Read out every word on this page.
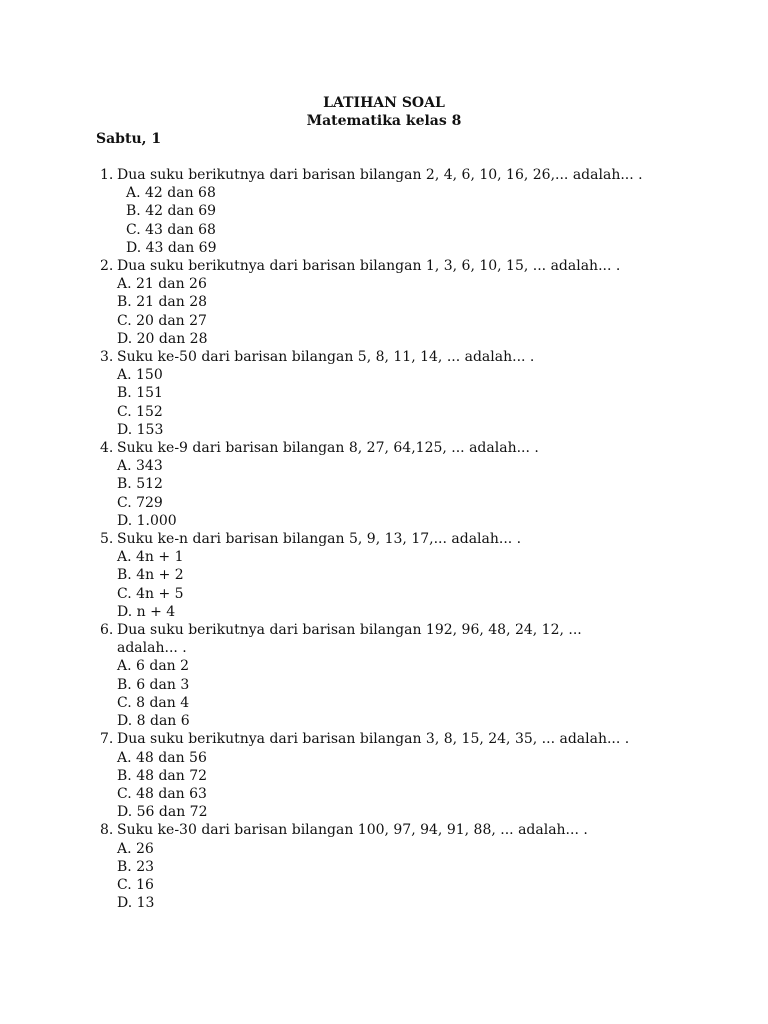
LATIHAN SOAL
Matematika kelas 8
Sabtu, 1
1. Dua suku berikutnya dari barisan bilangan 2, 4, 6, 10, 16, 26,... adalah... .
A. 42 dan 68
B. 42 dan 69
C. 43 dan 68
D. 43 dan 69
2. Dua suku berikutnya dari barisan bilangan 1, 3, 6, 10, 15, ... adalah... .
A. 21 dan 26
B. 21 dan 28
C. 20 dan 27
D. 20 dan 28
3. Suku ke-50 dari barisan bilangan 5, 8, 11, 14, ... adalah... .
A. 150
B. 151
C. 152
D. 153
4. Suku ke-9 dari barisan bilangan 8, 27, 64,125, ... adalah... .
A. 343
B. 512
C. 729
D. 1.000
5. Suku ke-n dari barisan bilangan 5, 9, 13, 17,... adalah... .
A. 4n + 1
B. 4n + 2
C. 4n + 5
D. n + 4
6. Dua suku berikutnya dari barisan bilangan 192, 96, 48, 24, 12, ...
adalah... .
A. 6 dan 2
B. 6 dan 3
C. 8 dan 4
D. 8 dan 6
7. Dua suku berikutnya dari barisan bilangan 3, 8, 15, 24, 35, ... adalah... .
A. 48 dan 56
B. 48 dan 72
C. 48 dan 63
D. 56 dan 72
8. Suku ke-30 dari barisan bilangan 100, 97, 94, 91, 88, ... adalah... .
A. 26
B. 23
C. 16
D. 13
